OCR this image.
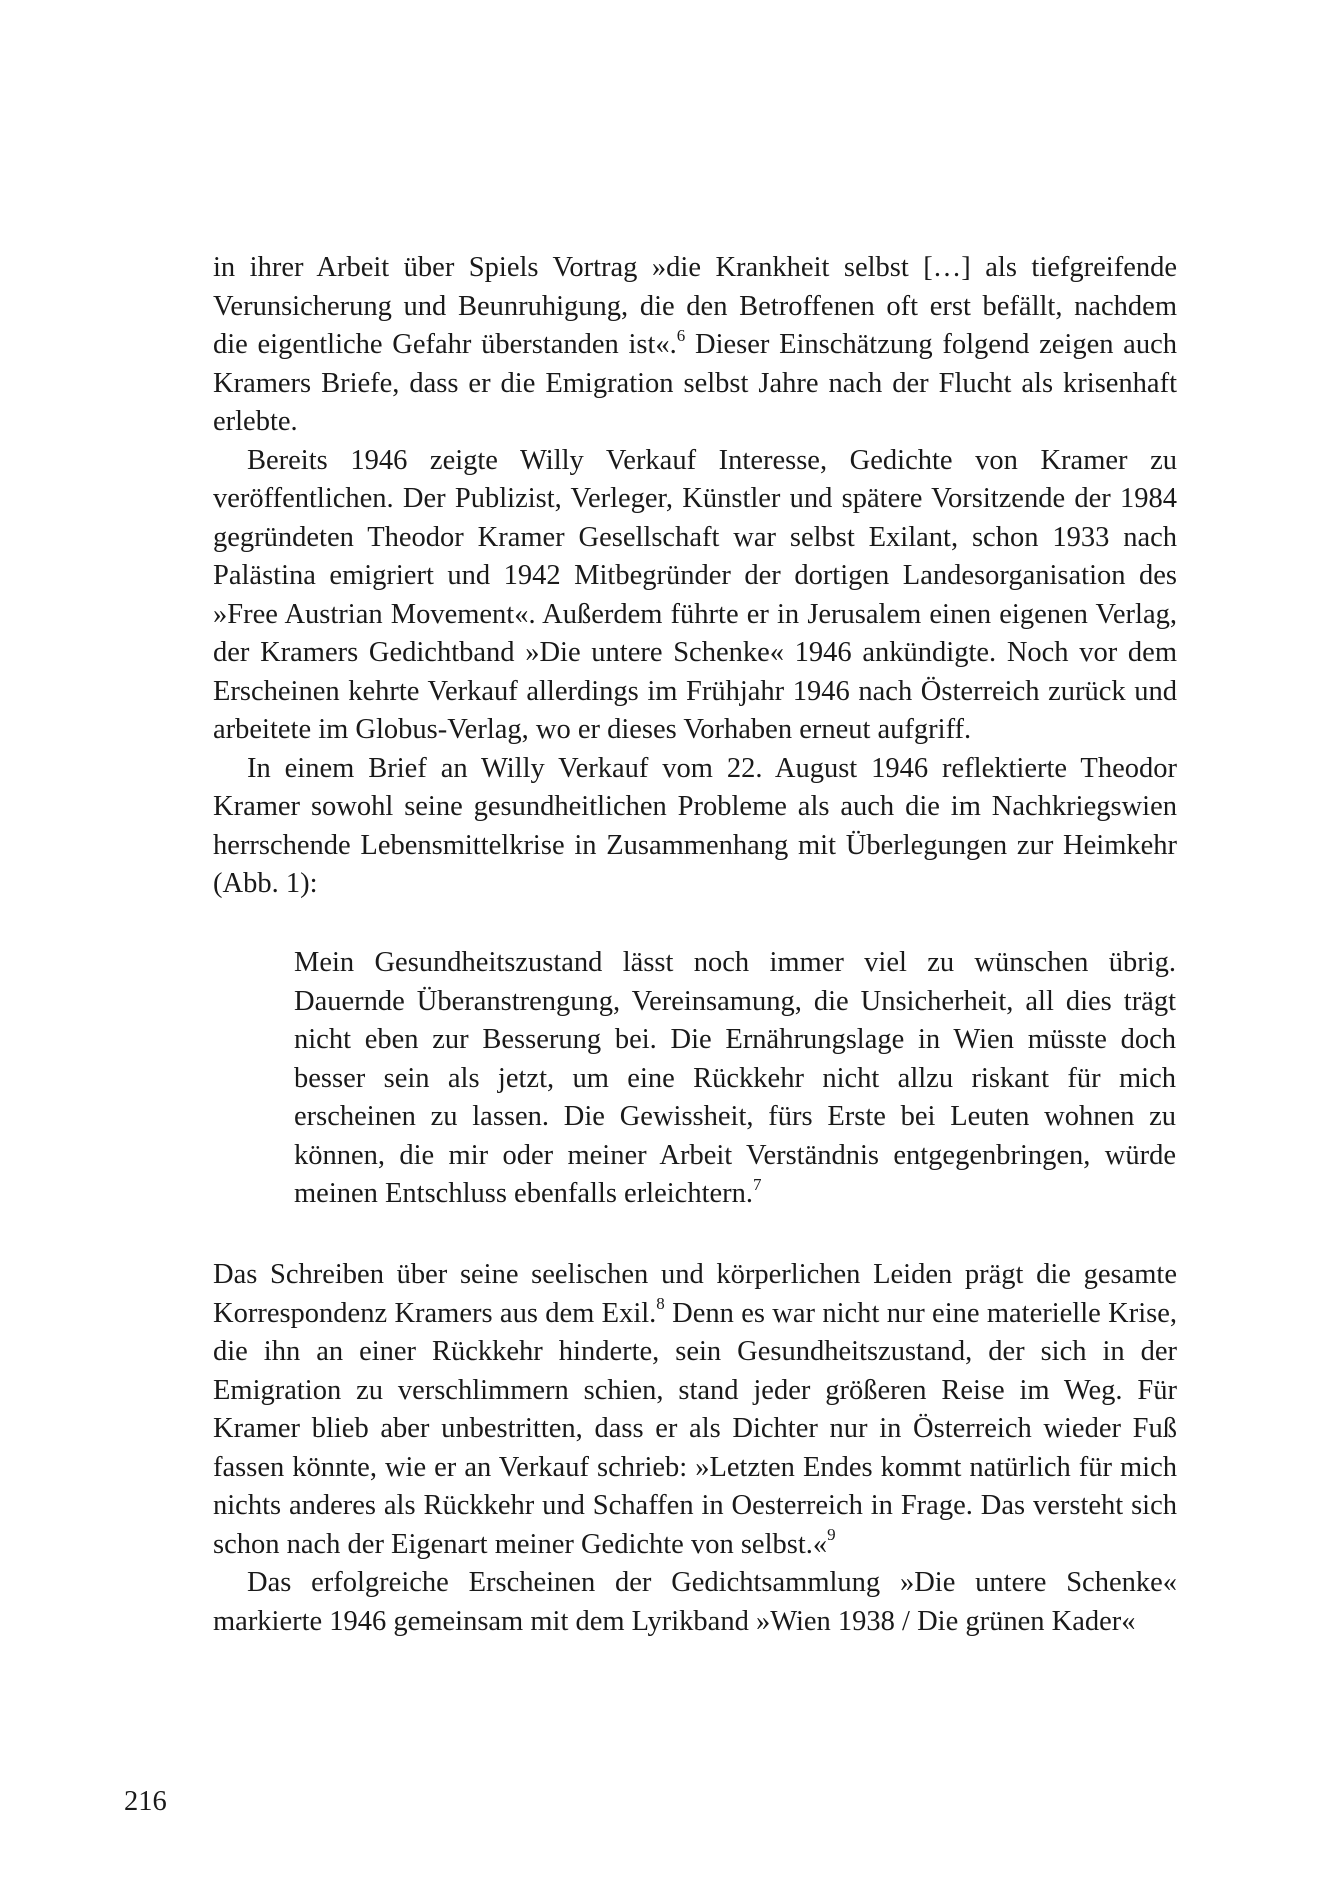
in ihrer Arbeit über Spiels Vortrag »die Krankheit selbst […] als tiefgreifende Verunsicherung und Beunruhigung, die den Betroffenen oft erst befällt, nachdem die eigentliche Gefahr überstanden ist«.$^6$ Dieser Einschätzung folgend zeigen auch Kramers Briefe, dass er die Emigration selbst Jahre nach der Flucht als krisenhaft erlebte.

Bereits 1946 zeigte Willy Verkauf Interesse, Gedichte von Kramer zu veröffentlichen. Der Publizist, Verleger, Künstler und spätere Vorsitzende der 1984 gegründeten Theodor Kramer Gesellschaft war selbst Exilant, schon 1933 nach Palästina emigriert und 1942 Mitbegründer der dortigen Landesorganisation des »Free Austrian Movement«. Außerdem führte er in Jerusalem einen eigenen Verlag, der Kramers Gedichtband »Die untere Schenke« 1946 ankündigte. Noch vor dem Erscheinen kehrte Verkauf allerdings im Frühjahr 1946 nach Österreich zurück und arbeitete im Globus-Verlag, wo er dieses Vorhaben erneut aufgriff.

In einem Brief an Willy Verkauf vom 22. August 1946 reflektierte Theodor Kramer sowohl seine gesundheitlichen Probleme als auch die im Nachkriegswien herrschende Lebensmittelkrise in Zusammenhang mit Überlegungen zur Heimkehr (Abb. 1):

Mein Gesundheitszustand lässt noch immer viel zu wünschen übrig. Dauernde Überanstrengung, Vereinsamung, die Unsicherheit, all dies trägt nicht eben zur Besserung bei. Die Ernährungslage in Wien müsste doch besser sein als jetzt, um eine Rückkehr nicht allzu riskant für mich erscheinen zu lassen. Die Gewissheit, fürs Erste bei Leuten wohnen zu können, die mir oder meiner Arbeit Verständnis entgegenbringen, würde meinen Entschluss ebenfalls erleichtern.$^7$

Das Schreiben über seine seelischen und körperlichen Leiden prägt die gesamte Korrespondenz Kramers aus dem Exil.$^8$ Denn es war nicht nur eine materielle Krise, die ihn an einer Rückkehr hinderte, sein Gesundheitszustand, der sich in der Emigration zu verschlimmern schien, stand jeder größeren Reise im Weg. Für Kramer blieb aber unbestritten, dass er als Dichter nur in Österreich wieder Fuß fassen könnte, wie er an Verkauf schrieb: »Letzten Endes kommt natürlich für mich nichts anderes als Rückkehr und Schaffen in Oesterreich in Frage. Das versteht sich schon nach der Eigenart meiner Gedichte von selbst.«$^9$

Das erfolgreiche Erscheinen der Gedichtsammlung »Die untere Schenke« markierte 1946 gemeinsam mit dem Lyrikband »Wien 1938 / Die grünen Kader«

216
